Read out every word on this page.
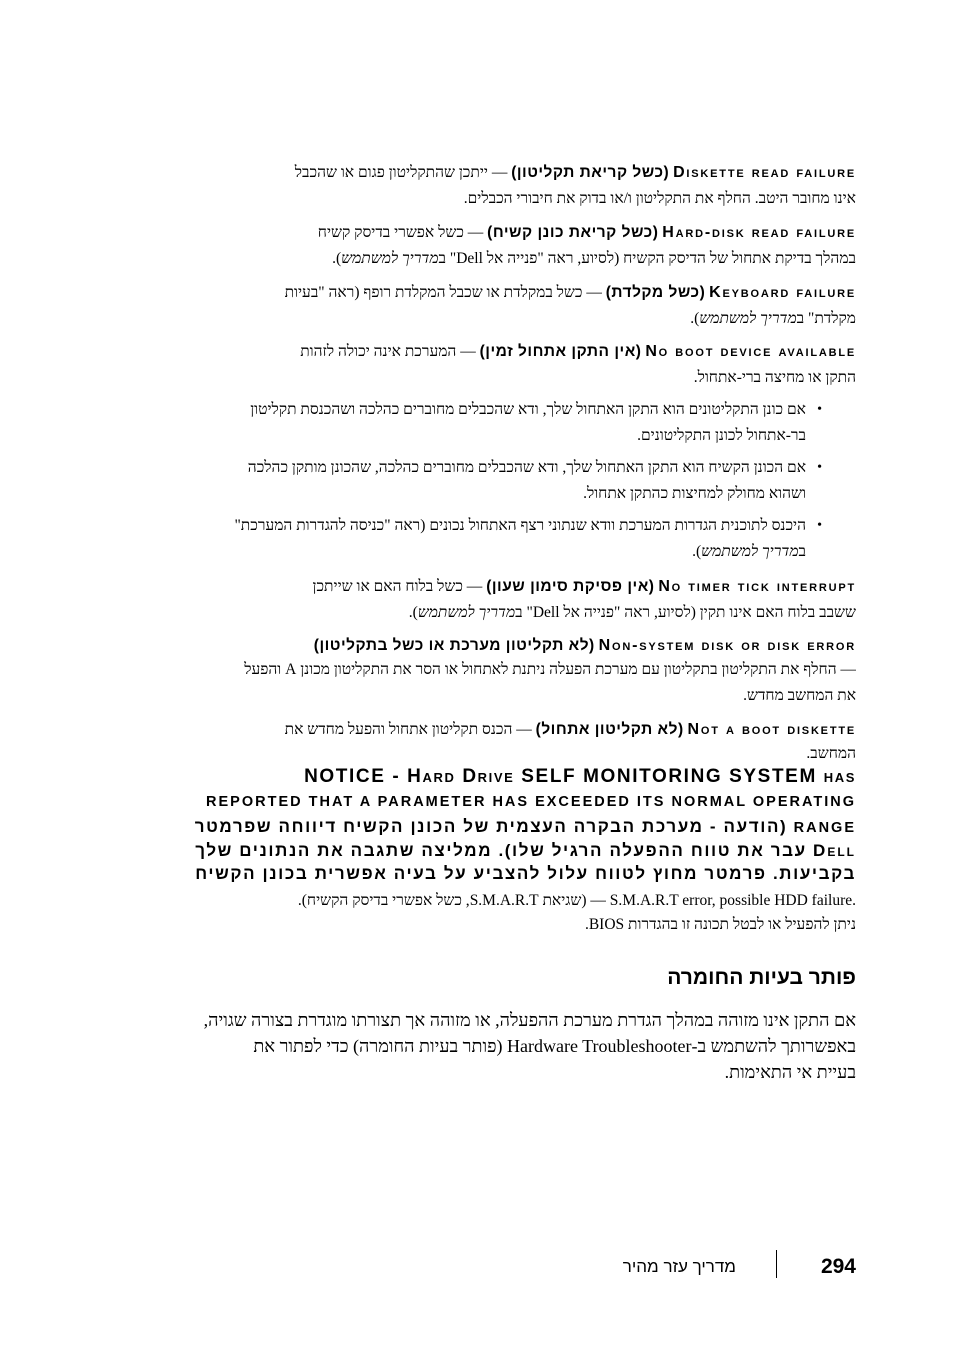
Diskette read failure (כשל קריאת תקליטון) — ייתכן שהתקליטון פגום או שהכבל
אינו מחובר היטב. החלף את התקליטון ו/או בדוק את חיבורי הכבלים.
Hard-disk read failure (כשל קריאת כונן קשיח) — כשל אפשרי בדיסק קשיח
במהלך בדיקת אתחול של הדיסק הקשיח (לסיוע, ראה "פנייה אל Dell" במדריך למשתמש).
Keyboard failure (כשל מקלדת) — כשל במקלדת או שכבל המקלדת רופף (ראה "בעיות
מקלדת" במדריך למשתמש).
No boot device available (אין התקן אתחול זמין) — המערכת אינה יכולה לזהות
התקן או מחיצה ברי-אתחול.
•
אם כונן התקליטונים הוא התקן האתחול שלך, ודא שהכבלים מחוברים כהלכה ושהכנסת תקליטון
בר-אתחול לכונן התקליטונים.
•
אם הכונן הקשיח הוא התקן האתחול שלך, ודא שהכבלים מחוברים כהלכה, שהכונן מותקן כהלכה
ושהוא מחולק למחיצות כהתקן אתחול.
•
היכנס לתוכנית הגדרות המערכת וודא שנתוני רצף האתחול נכונים (ראה "כניסה להגדרות המערכת"
במדריך למשתמש).
No timer tick interrupt (אין פסיקת סימון שעון) — כשל בלוח האם או שייתכן
ששבב בלוח האם אינו תקין (לסיוע, ראה "פנייה אל Dell" במדריך למשתמש).
Non-system disk or disk error (לא תקליטון מערכת או כשל בתקליטון)
— החלף את התקליטון בתקליטון עם מערכת הפעלה ניתנת לאתחול או הסר את התקליטון מכונן A והפעל
את המחשב מחדש.
Not a boot diskette (לא תקליטון אתחול) — הכנס תקליטון אתחול והפעל מחדש את
המחשב.
NOTICE - Hard Drive SELF MONITORING SYSTEM has
REPORTED THAT A PARAMETER HAS EXCEEDED ITS NORMAL OPERATING
RANGE (הודעה - מערכת הבקרה העצמית של הכונן הקשיח דיווחה שפרמטר
Dell עבר את טווח ההפעלה הרגיל שלו). ממליצה שתגבה את הנתונים שלך
בקביעות. פרמטר מחוץ לטווח עלול להצביע על בעיה אפשרית בכונן הקשיח
— S.M.A.R.T error, possible HDD failure. (שגיאת S.M.A.R.T, כשל אפשרי בדיסק הקשיח).
ניתן להפעיל או לבטל תכונה זו בהגדרות BIOS.
פותר בעיות החומרה
אם התקן אינו מזוהה במהלך הגדרת מערכת ההפעלה, או מזוהה אך תצורתו מוגדרת בצורה שגויה,
באפשרותך להשתמש ב-Hardware Troubleshooter (פותר בעיות החומרה) כדי לפתור את
בעיית אי התאימות.
294
מדריך עזר מהיר
